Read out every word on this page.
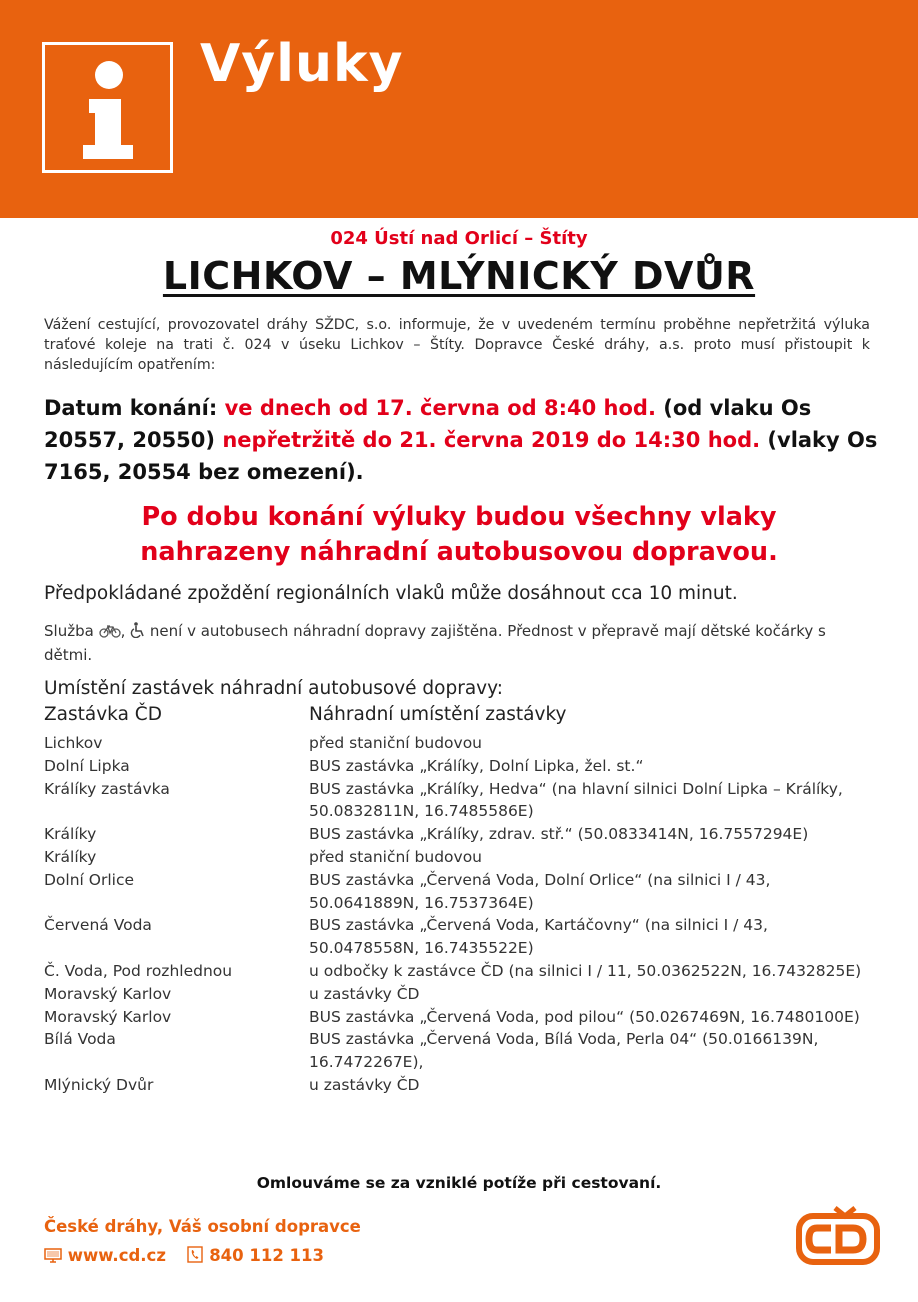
Výluky
024 Ústí nad Orlicí – Štíty
LICHKOV – MLÝNICKÝ DVŮR
Vážení cestující, provozovatel dráhy SŽDC, s.o. informuje, že v uvedeném termínu proběhne nepřetržitá výluka traťové koleje na trati č. 024 v úseku Lichkov – Štíty. Dopravce České dráhy, a.s. proto musí přistoupit k následujícím opatřením:
Datum konání: ve dnech od 17. června od 8:40 hod. (od vlaku Os 20557, 20550) nepřetržitě do 21. června 2019 do 14:30 hod. (vlaky Os 7165, 20554 bez omezení).
Po dobu konání výluky budou všechny vlaky
nahrazeny náhradní autobusovou dopravou.
Předpokládané zpoždění regionálních vlaků může dosáhnout cca 10 minut.
Služba , není v autobusech náhradní dopravy zajištěna. Přednost v přepravě mají dětské kočárky s dětmi.
Umístění zastávek náhradní autobusové dopravy:
Zastávka ČD	Náhradní umístění zastávky
Lichkov	před staniční budovou
Dolní Lipka	BUS zastávka „Králíky, Dolní Lipka, žel. st.“
Králíky zastávka	BUS zastávka „Králíky, Hedva“ (na hlavní silnici Dolní Lipka – Králíky, 50.0832811N, 16.7485586E)
Králíky	BUS zastávka „Králíky, zdrav. stř.“ (50.0833414N, 16.7557294E)
Králíky	před staniční budovou
Dolní Orlice	BUS zastávka „Červená Voda, Dolní Orlice“ (na silnici I / 43, 50.0641889N, 16.7537364E)
Červená Voda	BUS zastávka „Červená Voda, Kartáčovny“ (na silnici I / 43, 50.0478558N, 16.7435522E)
Č. Voda, Pod rozhlednou	u odbočky k zastávce ČD (na silnici I / 11, 50.0362522N, 16.7432825E)
Moravský Karlov	u zastávky ČD
Moravský Karlov	BUS zastávka „Červená Voda, pod pilou“ (50.0267469N, 16.7480100E)
Bílá Voda	BUS zastávka „Červená Voda, Bílá Voda, Perla 04“ (50.0166139N, 16.7472267E),
Mlýnický Dvůr	u zastávky ČD
Omlouváme se za vzniklé potíže při cestovaní.
České dráhy, Váš osobní dopravce
www.cd.cz	840 112 113
